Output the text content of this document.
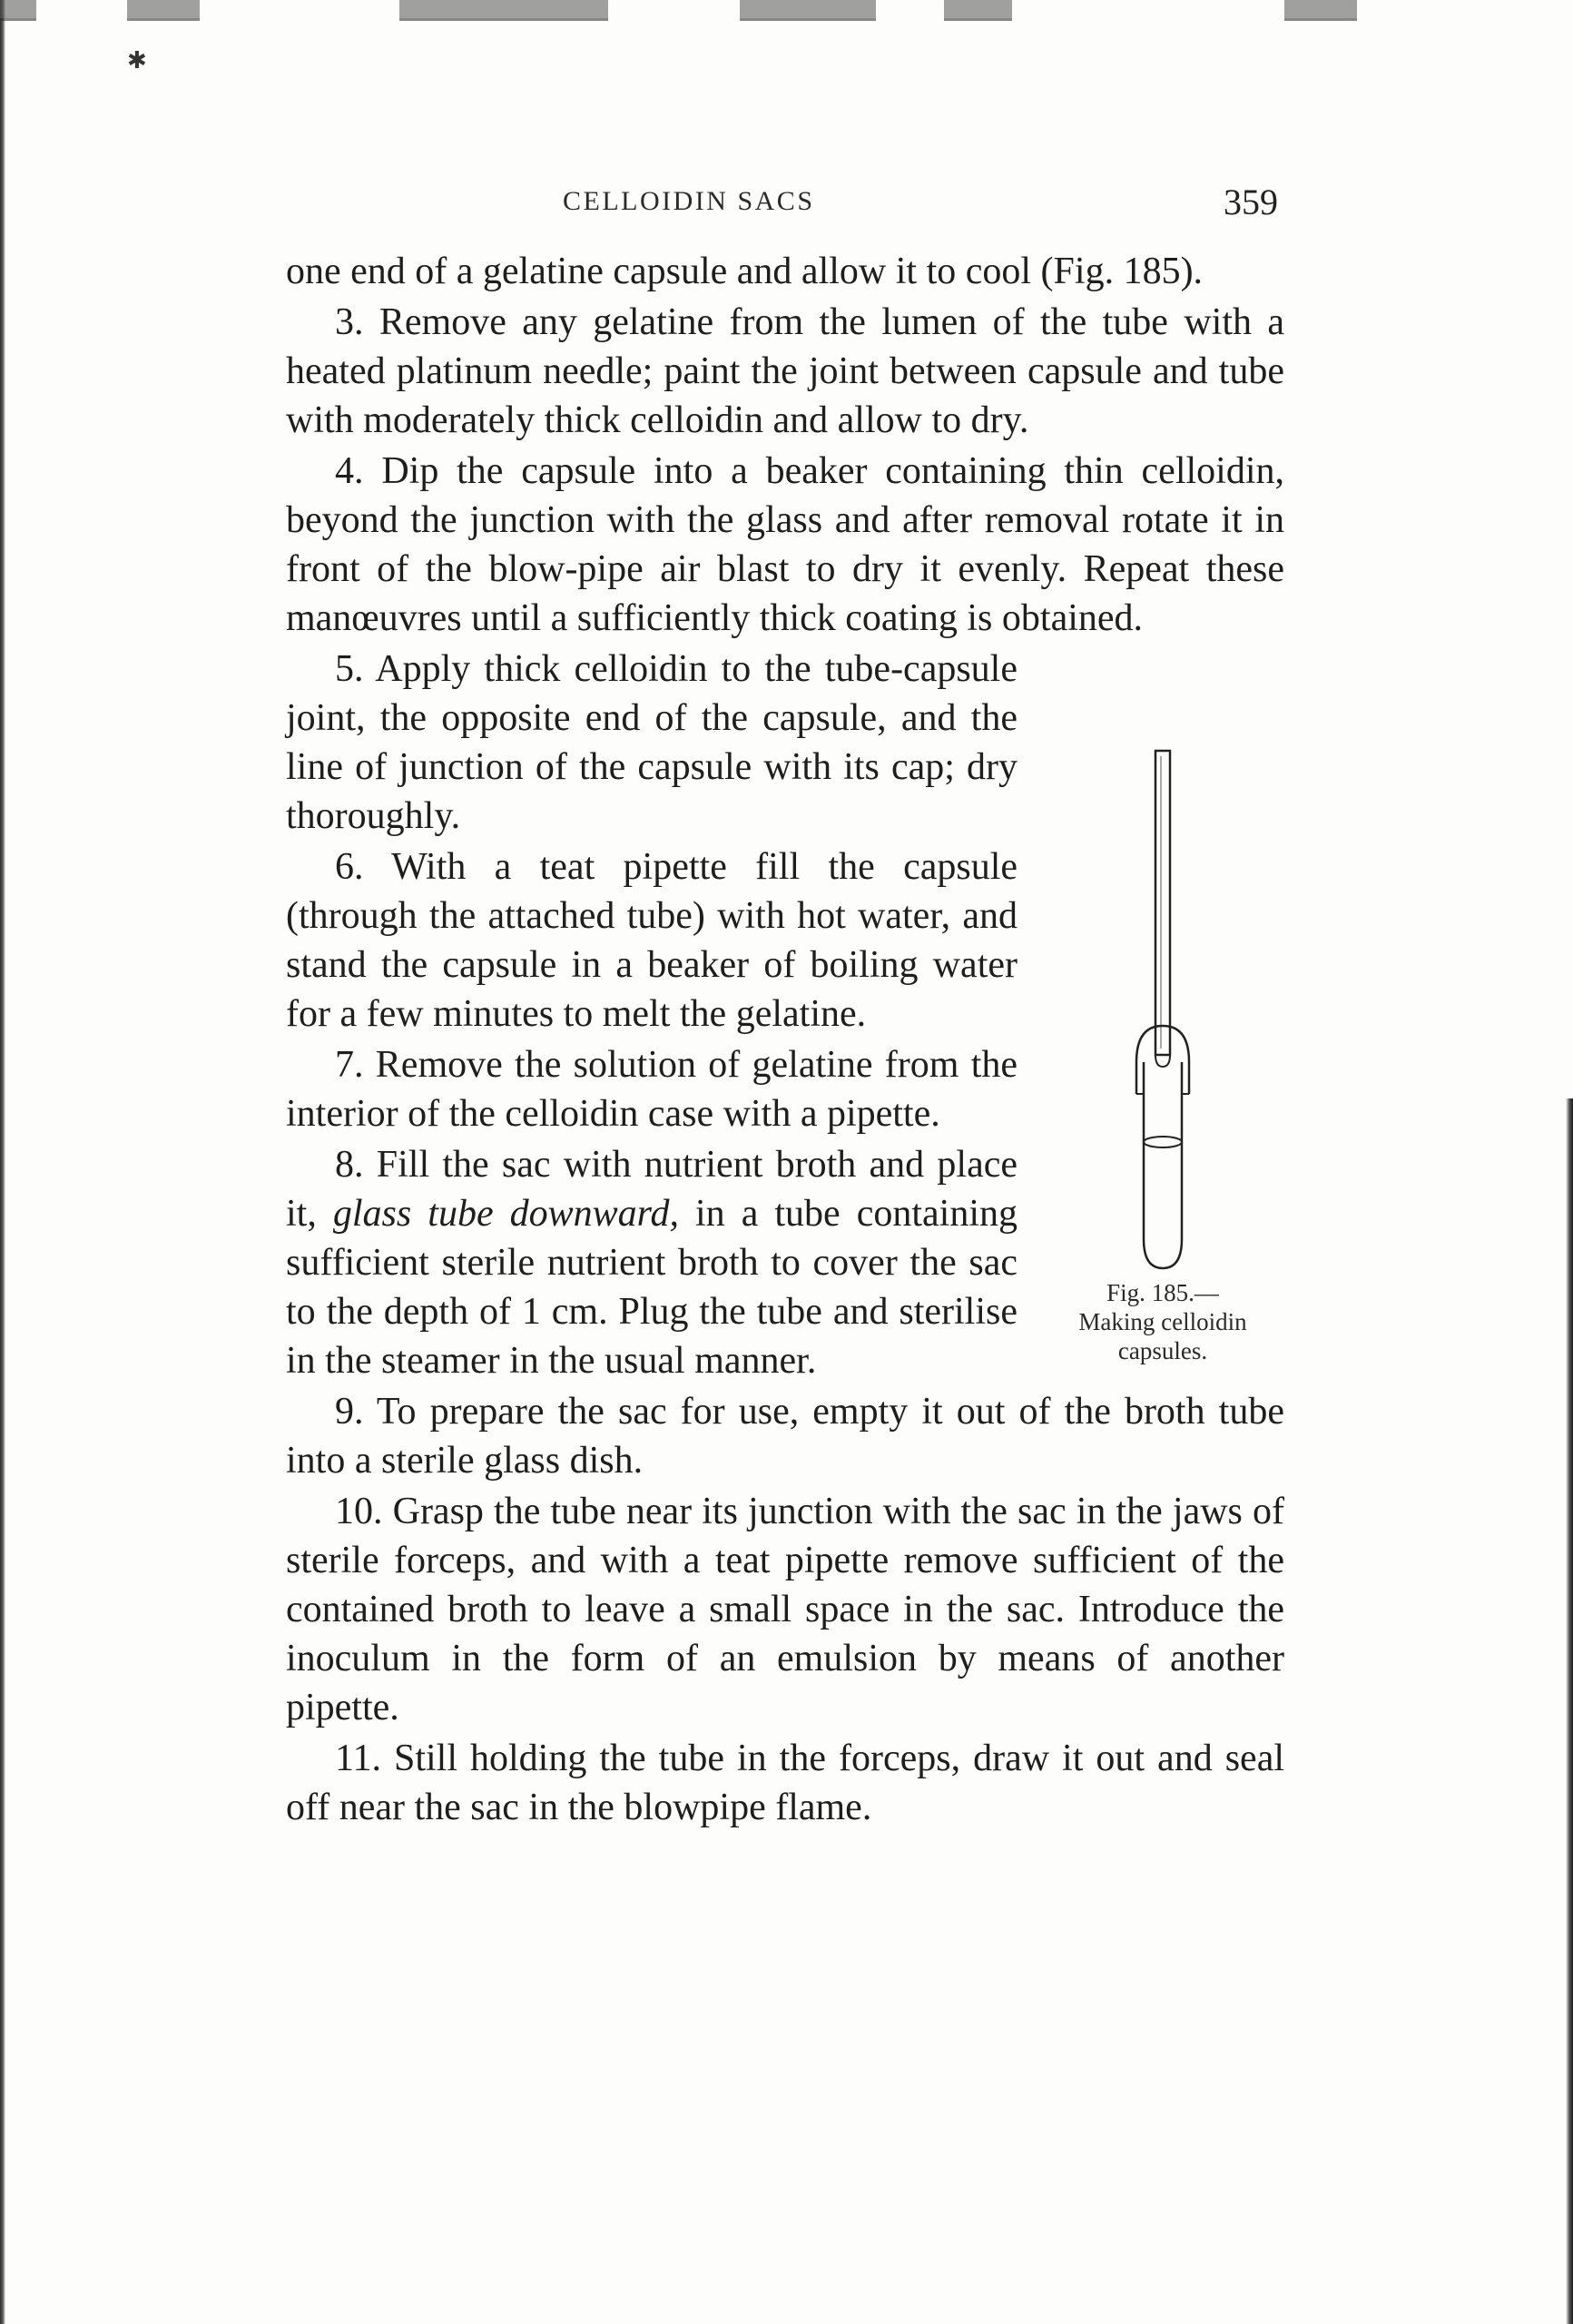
✱
CELLOIDIN SACS	359

one end of a gelatine capsule and allow it to cool (Fig. 185).

3. Remove any gelatine from the lumen of the tube with a heated platinum needle; paint the joint between capsule and tube with moderately thick celloidin and allow to dry.

4. Dip the capsule into a beaker containing thin celloidin, beyond the junction with the glass and after removal rotate it in front of the blow-pipe air blast to dry it evenly. Repeat these manœuvres until a sufficiently thick coating is obtained.

Fig. 185.—
Making celloidin
capsules.

5. Apply thick celloidin to the tube-capsule joint, the opposite end of the capsule, and the line of junction of the capsule with its cap; dry thoroughly.

6. With a teat pipette fill the capsule (through the attached tube) with hot water, and stand the capsule in a beaker of boiling water for a few minutes to melt the gelatine.

7. Remove the solution of gelatine from the interior of the celloidin case with a pipette.

8. Fill the sac with nutrient broth and place it, glass tube downward, in a tube containing sufficient sterile nutrient broth to cover the sac to the depth of 1 cm. Plug the tube and sterilise in the steamer in the usual manner.

9. To prepare the sac for use, empty it out of the broth tube into a sterile glass dish.

10. Grasp the tube near its junction with the sac in the jaws of sterile forceps, and with a teat pipette remove sufficient of the contained broth to leave a small space in the sac. Introduce the inoculum in the form of an emulsion by means of another pipette.

11. Still holding the tube in the forceps, draw it out and seal off near the sac in the blowpipe flame.
